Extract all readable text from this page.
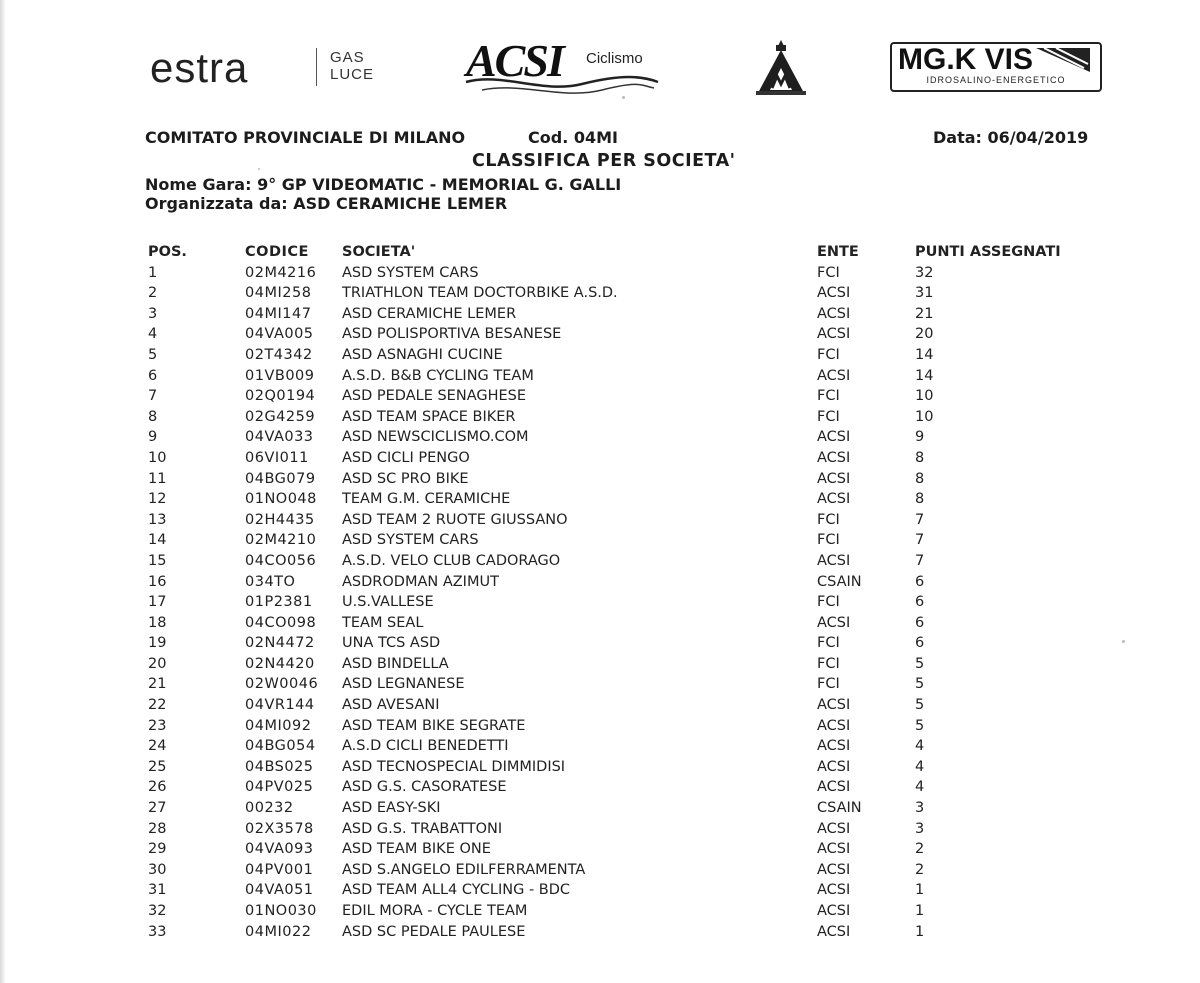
estra	GAS
LUCE ACSI Ciclismo	MG.K VIS
IDROSALINO-ENERGETICO
COMITATO PROVINCIALE DI MILANO	Cod. 04MI	Data: 06/04/2019
CLASSIFICA PER SOCIETA'
Nome Gara: 9° GP VIDEOMATIC - MEMORIAL G. GALLI
Organizzata da: ASD CERAMICHE LEMER
POS.	CODICE SOCIETA'	ENTE	PUNTI ASSEGNATI
1	02M4216 ASD SYSTEM CARS	FCI	32
2	04MI258 TRIATHLON TEAM DOCTORBIKE A.S.D.	ACSI	31
3	04MI147 ASD CERAMICHE LEMER	ACSI	21
4	04VA005 ASD POLISPORTIVA BESANESE	ACSI	20
5	02T4342 ASD ASNAGHI CUCINE	FCI	14
6	01VB009 A.S.D. B&B CYCLING TEAM	ACSI	14
7	02Q0194 ASD PEDALE SENAGHESE	FCI	10
8	02G4259 ASD TEAM SPACE BIKER	FCI	10
9	04VA033 ASD NEWSCICLISMO.COM	ACSI	9
10	06VI011 ASD CICLI PENGO	ACSI	8
11	04BG079 ASD SC PRO BIKE	ACSI	8
12	01NO048 TEAM G.M. CERAMICHE	ACSI	8
13	02H4435 ASD TEAM 2 RUOTE GIUSSANO	FCI	7
14	02M4210 ASD SYSTEM CARS	FCI	7
15	04CO056 A.S.D. VELO CLUB CADORAGO	ACSI	7
16	034TO	ASDRODMAN AZIMUT	CSAIN	6
17	01P2381 U.S.VALLESE	FCI	6
18	04CO098 TEAM SEAL	ACSI	6
19	02N4472 UNA TCS ASD	FCI	6
20	02N4420 ASD BINDELLA	FCI	5
21	02W0046 ASD LEGNANESE	FCI	5
22	04VR144 ASD AVESANI	ACSI	5
23	04MI092 ASD TEAM BIKE SEGRATE	ACSI	5
24	04BG054 A.S.D CICLI BENEDETTI	ACSI	4
25	04BS025 ASD TECNOSPECIAL DIMMIDISI	ACSI	4
26	04PV025 ASD G.S. CASORATESE	ACSI	4
27	00232	ASD EASY-SKI	CSAIN	3
28	02X3578 ASD G.S. TRABATTONI	ACSI	3
29	04VA093 ASD TEAM BIKE ONE	ACSI	2
30	04PV001 ASD S.ANGELO EDILFERRAMENTA	ACSI	2
31	04VA051 ASD TEAM ALL4 CYCLING - BDC	ACSI	1
32	01NO030 EDIL MORA - CYCLE TEAM	ACSI	1
33	04MI022 ASD SC PEDALE PAULESE	ACSI	1
